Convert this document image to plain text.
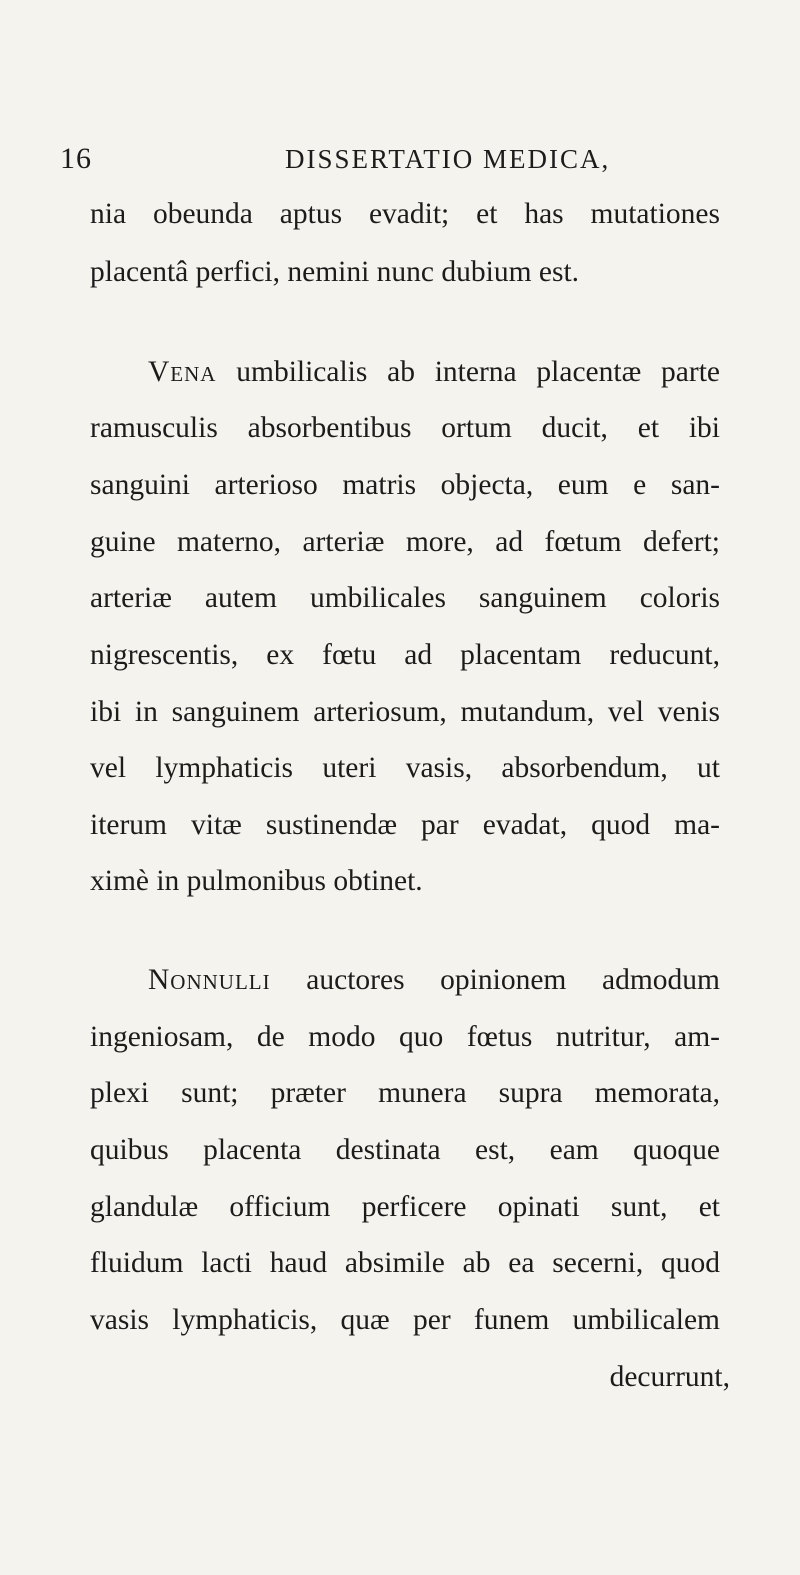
16	DISSERTATIO MEDICA,
nia obeunda aptus evadit; et has mutationes
placentâ perfici, nemini nunc dubium est.
Vena umbilicalis ab interna placentæ parte
ramusculis absorbentibus ortum ducit, et ibi
sanguini arterioso matris objecta, eum e san-
guine materno, arteriæ more, ad fœtum defert;
arteriæ autem umbilicales sanguinem coloris
nigrescentis, ex fœtu ad placentam reducunt,
ibi in sanguinem arteriosum, mutandum, vel venis
vel lymphaticis uteri vasis, absorbendum, ut
iterum vitæ sustinendæ par evadat, quod ma-
ximè in pulmonibus obtinet.
Nonnulli auctores opinionem admodum
ingeniosam, de modo quo fœtus nutritur, am-
plexi sunt; præter munera supra memorata,
quibus placenta destinata est, eam quoque
glandulæ officium perficere opinati sunt, et
fluidum lacti haud absimile ab ea secerni, quod
vasis lymphaticis, quæ per funem umbilicalem
decurrunt,
